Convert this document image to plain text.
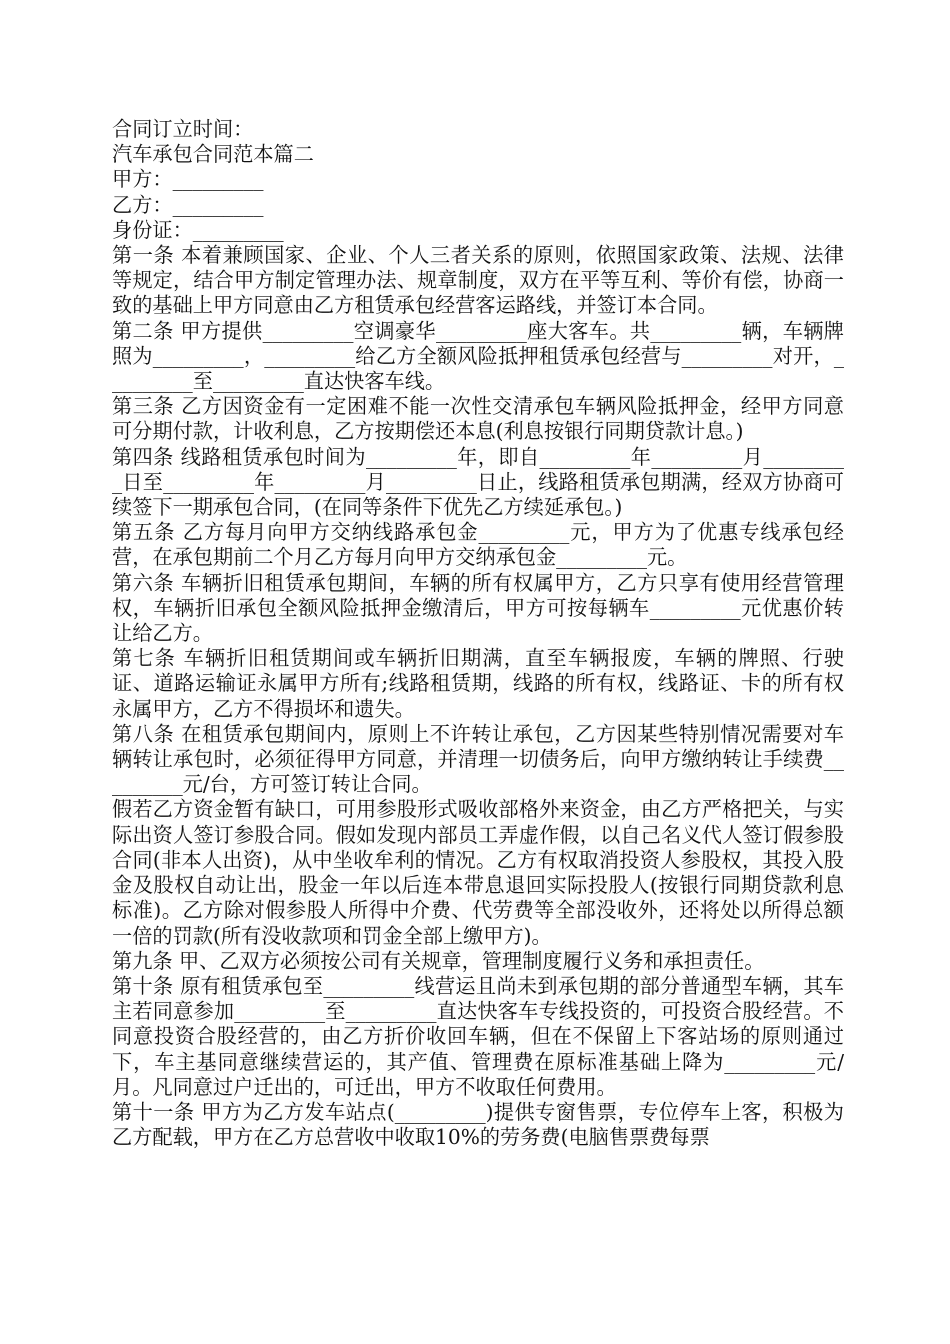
合同订立时间：
汽车承包合同范本篇二
甲方：_________
乙方：_________
身份证：_________

第一条 本着兼顾国家、企业、个人三者关系的原则，依照国家政策、法规、法律等规定，结合甲方制定管理办法、规章制度，双方在平等互利、等价有偿，协商一致的基础上甲方同意由乙方租赁承包经营客运路线，并签订本合同。

第二条 甲方提供_________空调豪华_________座大客车。共_________辆，车辆牌照为_________，_________给乙方全额风险抵押租赁承包经营与_________对开，_________至_________直达快客车线。

第三条 乙方因资金有一定困难不能一次性交清承包车辆风险抵押金，经甲方同意可分期付款，计收利息，乙方按期偿还本息(利息按银行同期贷款计息。)

第四条 线路租赁承包时间为_________年，即自_________年_________月_________日至_________年_________月_________日止，线路租赁承包期满，经双方协商可续签下一期承包合同，(在同等条件下优先乙方续延承包。)

第五条 乙方每月向甲方交纳线路承包金_________元，甲方为了优惠专线承包经营，在承包期前二个月乙方每月向甲方交纳承包金_________元。

第六条 车辆折旧租赁承包期间，车辆的所有权属甲方，乙方只享有使用经营管理权，车辆折旧承包全额风险抵押金缴清后，甲方可按每辆车_________元优惠价转让给乙方。

第七条 车辆折旧租赁期间或车辆折旧期满，直至车辆报废，车辆的牌照、行驶证、道路运输证永属甲方所有;线路租赁期，线路的所有权，线路证、卡的所有权永属甲方，乙方不得损坏和遗失。

第八条 在租赁承包期间内，原则上不许转让承包，乙方因某些特别情况需要对车辆转让承包时，必须征得甲方同意，并清理一切债务后，向甲方缴纳转让手续费_________元/台，方可签订转让合同。

假若乙方资金暂有缺口，可用参股形式吸收部格外来资金，由乙方严格把关，与实际出资人签订参股合同。假如发现内部员工弄虚作假，以自己名义代人签订假参股合同(非本人出资)，从中坐收牟利的情况。乙方有权取消投资人参股权，其投入股金及股权自动让出，股金一年以后连本带息退回实际投股人(按银行同期贷款利息标准)。乙方除对假参股人所得中介费、代劳费等全部没收外，还将处以所得总额一倍的罚款(所有没收款项和罚金全部上缴甲方)。

第九条 甲、乙双方必须按公司有关规章，管理制度履行义务和承担责任。

第十条 原有租赁承包至_________线营运且尚未到承包期的部分普通型车辆，其车主若同意参加_________至_________直达快客车专线投资的，可投资合股经营。不同意投资合股经营的，由乙方折价收回车辆，但在不保留上下客站场的原则通过下，车主基同意继续营运的，其产值、管理费在原标准基础上降为_________元/月。凡同意过户迁出的，可迁出，甲方不收取任何费用。

第十一条 甲方为乙方发车站点(_________)提供专窗售票，专位停车上客，积极为乙方配载，甲方在乙方总营收中收取10%的劳务费(电脑售票费每票
